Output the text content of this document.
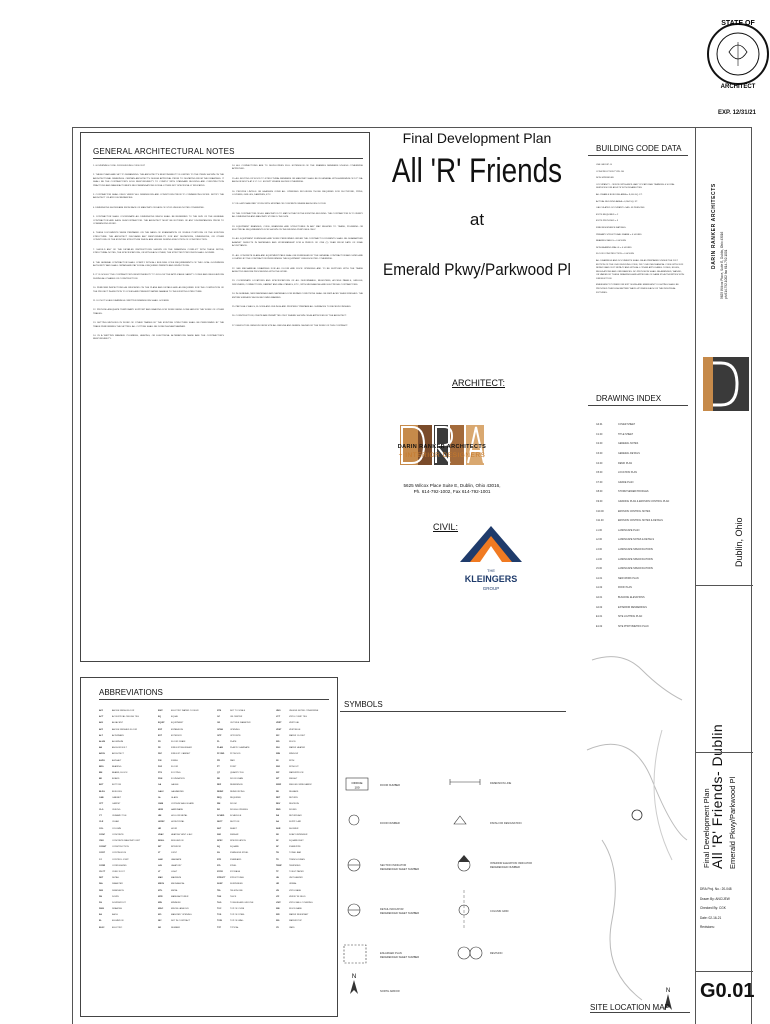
STATE OF
ARCHITECT
EXP. 12/31/21
GENERAL ARCHITECTURAL NOTES

1. GOVERNING CODE: 2019 BUILDING CODE 2017

2. THESE PLANS ARE SET TO DEMANDING. THE ARCHITECT'S RESPONSIBILITY IS LIMITED TO THE ITEMS SHOWN ON THE ARCHITECTURAL DRAWINGS. CERTAIN ARCHITECT'S DESIGN APPROVAL PRIOR TO DEVIATING FROM THE DRAWINGS. IT SHALL BE THE CONTRACTOR'S SOLE RESPONSIBILITY TO COMPLY WITH STANDARD BUILDING AND CONSTRUCTION PRACTICES AND MANUFACTURER'S RECOMMENDATIONS FOR ALL ITEMS NOT SPECIFICALLY INDICATED.

3. CONTRACTOR SHALL FIELD VERIFY ALL DIMENSIONS AND CONDITIONS PRIOR TO COMMENCING WORK. NOTIFY THE ARCHITECT OF ANY DISCREPANCIES.

4. DIMENSIONS SHOWN ARE FROM FACE OF MASONRY OR FACE OF STUD UNLESS NOTED OTHERWISE.

5. CONTRACTOR SHALL COORDINATE ALL DIMENSIONS WHICH SHALL BE REFERRED TO THE SIZE OF THE GENERAL CONTRACTOR AND EACH SUBCONTRACTOR. THE ARCHITECT MUST BE NOTIFIED OF ANY DISCREPANCIES PRIOR TO COMMENCING WORK.

6. THESE DOCUMENTS WERE PREPARED ON THE BASIS OF EXAMINATION OF VISIBLE PORTIONS OF THE EXISTING STRUCTURE. THE ARCHITECT DISCLAIMS ANY RESPONSIBILITY FOR ANY DEVIATIONS, DIMENSIONS, OR OTHER CONDITIONS OF THE EXISTING STRUCTURE WHICH ARE HIDDEN DURING EXECUTION OF CONSTRUCTION.

7. SHOULD ANY OF THE DETAILED INSTRUCTIONS SHOWN ON THE DRAWINGS CONFLICT WITH THESE NOTES, STRUCTURAL NOTES, THE SPECIFICATIONS, OR WITH EACH OTHER, THE STRICTEST PROVISION SHALL GOVERN.

8. THE GENERAL CONTRACTOR SHALL COMPLY WITH ALL BUILDING CODE REQUIREMENTS OF THE LOCAL GOVERNING AUTHORITY AND SHALL OBTAIN AND PAY FOR ALL REQUIRED PERMITS AND INSPECTIONS.

9. IT IS SOLELY THE CONTRACTOR'S RESPONSIBILITY TO FOLLOW THE APPLICABLE SAFETY CODES AND REGULATIONS DURING ALL PHASES OF CONSTRUCTION.

10. PERFORM INSPECTIONS AS INDICATED ON THE PLANS AND DETAILS AND AS REQUIRED FOR THE COMPLETION OF THE PROJECT IN ADDITION TO CODES AND PRESENT WATER DAMAGE TO THE EXISTING STRUCTURE.

11. DO NOT SCALE DRAWINGS. WRITTEN DIMENSIONS SHALL GOVERN.

12. PROVIDE ADEQUATE TEMPORARY SUPPORT AND BRACING FOR WORK BEING DONE AND/OR THE WORK OF OTHER TRADES.

13. SETTING METHODS IN WORK OF OTHER TRADES BY THE EXISTING STRUCTURE SHALL BE PERFORMED BY THE TRADE PERFORMING THE SETTING. ALL CUTTING SHALL BE DONE IN A NEAT MANNER.

14. IN A WRITTEN MANNER: PLUMBING, HEATING, OR ELECTRICAL ALTERATIONS MADE ARE THE CONTRACTOR'S RESPONSIBILITY.

14. ALL CONNECTIONS ARE TO DEVELOPERS FULL EXTENSION OF THE FRAMING MEMBERS UNLESS OTHERWISE APPROVED.

15. ALL BOLTING OF WOOD TO STRUCTURAL MEMBERS OR MASONRY SHALL BE IN GENERAL WITH A MINIMUM OF 1/2" DIA. ANCHOR BOLTS AT 4'-0" O.C. EXCEPT WHERE SHOWN OTHERWISE.

16. PROVIDE LINTELS OR HEADERS OVER ALL OPENINGS INCLUDING THOSE REQUIRED FOR DUCTWORK, PIPES, LOUVERS, GRILLES, DAMPERS, ETC.

17. FILL ANY MASONRY VOIDS WITH MORTAR OR CONCRETE WHERE ANCHORS OCCUR.

18. THE CONTRACTOR OF ALL MASONRY IS TO MATCH THAT IN THE EXISTING BUILDING. THE CONTRACTOR IS TO VERIFY ALL DIMENSIONS AND MASONRY STONE IS THE SIZE.

19. EQUIPMENT BRANDED, CODE, BRANDING AND STRUCTURES IN ANY WAY RELATED TO TRADE, PLUMBING OR ELECTRICAL REQUIREMENTS FOR SHOWN ON THE BIDDING PURPOSES ONLY.

20. ALL EQUIPMENT FURNISHED AND WORK PERFORMED UNDER THE CONTRACT DOCUMENTS SHALL BE GUARANTEED AGAINST DEFECTS IN MATERIALS AND WORKMANSHIP FOR A PERIOD OF ONE (1) YEAR FROM DATE OF FINAL ACCEPTANCE.

21. ALL CONCRETE SLABS AND EQUIPMENT PADS SHALL BE FURNISHED BY THE GENERAL CONTRACTOR AND SIZED AND LOCATED BY THE CONTRACTOR PERFORMING THE EQUIPMENT UNLESS NOTED OTHERWISE.

22. SEE MECHANICAL DRAWINGS FOR ALL FLOOR AND ROOF OPENINGS AND TO BE SUPPLIED WITH THE TRADE AFFECTED BEFORE PROCEEDING WITH THE WORK.

23. COORDINATE LOCATIONS AND SPECIFICATIONS OF ALL DEFORMABLE, REGISTERS, ACCESS PANELS, GRILLES, DIFFUSERS, CONNECTIONS, CABINET AND WALL PANELS, ETC., WITH MECHANICAL AND ELECTRICAL CONTRACTORS.

24. IN GENERAL, NEW MATERIALS AND MATERIALS FOR REPAIR CONDITIONS SHALL BE REPLACED WHEN FINISHED. THE ENTIRE SURFACE WHICH BECOMES MARRED.

25. PATCH ALL WALLS, FLOORS AND CEILINGS AND PROPERLY PREPARE ALL SURFACES TO RECEIVE FINISHES.

26. CONSTRUCTION, ONSITE ARE PERMITTED ONLY WHERE SHOWN OR AS APPROVED BY THE ARCHITECT.

27. DEMOLITION: REMOVE FROM SITE ALL REFUSE AND DEBRIS CAUSED BY THE WORK OF THIS CONTRACT.

Final Development Plan
All 'R' Friends
at
Emerald Pkwy/Parkwood Pl
ARCHITECT:
DARIN RANKER ARCHITECTS
+ INTERIOR DESIGNERS
5625 Wilcox Place Suite E, Dublin, Ohio 43016,
Ph. 614-792-1002, Fax 614-792-1001
CIVIL:
THE
KLEINGERS
GROUP
BUILDING CODE DATA

USE GROUP: B

CONSTRUCTION TYPE: 5B

NON-SPRINKLED

OCCUPANCY - OFFICE WITH ANCILLARY VOCATIONAL TRAINING & SOCIAL SERVICES FOR ADULTS WITH DISABILITIES

ALLOWABLE BUILDING AREA = 9,000 SQ. FT.

ACTUAL BUILDING AREA = 6,964 SQ. FT.

CALCULATED OCCUPANT LOAD: 45 PERSONS

EXITS REQUIRED = 2

EXITS PROVIDED = 3

FIRE RESISTANCE RATINGS:

PRIMARY STRUCTURAL FRAME = 0 HOURS

BEARING WALLS = 0 HOURS

NON-BEARING WALLS = 0 HOURS

FLOOR CONSTRUCTION = 0 HOURS

ALL DRAWINGS AND DOCUMENTS SHALL BE AS PREPARED UNDER THE 2017 EDITION OF THE OHIO BUILDING CODE, 2017 OHIO MECHANICAL CODE WITH 2013 NFPA 13 AND 2017 NFPA 72 AND WITH ALL OTHER APPLICABLE CODES, RULES, REGULATIONS AND ORDINANCES. NO PROVISION SHALL BE AMENDED, WAIVED, OR VARIED BY THESE DRAWINGS AND APPROVAL OF SAME BY AUTHORITIES WITH JURISDICTION.

EMERGENCY POWER FOR EXIT SIGNS AND EMERGENCY LIGHTING SHALL BE PROVIDED THROUGH BATTERY BACK-UP INSIDE EACH OF THE INDIVIDUAL FIXTURES.

DRAWING INDEX
G0.01	COVER SHEET
C1.00	TITLE SHEET
C2.00	GENERAL NOTES
C3.00	GENERAL DETAILS
C4.00	DEMO PLAN
C5.00	LOCATION PLAN
C7.00	GRADE PLAN
C8.00	STORM SEWER PROFILES
C9.00	GRADING PLAN & EROSION CONTROL PLAN
C10.00	EROSION CONTROL NOTES
C11.00	EROSION CONTROL NOTES & DETAILS
L1.00	LANDSCAPE PLAN
L2.00	LANDSCAPE NOTES & DETAILS
L3.00	LANDSCAPE SPECIFICATIONS
L4.00	LANDSCAPE SPECIFICATIONS
L5.00	LANDSCAPE SPECIFICATIONS
A1.01	NEW WORK PLAN
A1.02	ROOF PLAN
A2.01	BUILDING ELEVATIONS
A2.02	EXTERIOR RENDERINGS
E1.01	SITE LIGHTING PLAN
E1.02	SITE PHOTOMETRIC PLAN
DARIN RANKER ARCHITECTS 5625 Wilcox Place, Suite E, Dublin, Ohio 43016 ph 614.792.1002 fax 614.792.1001
Dublin, Ohio
Final Development Plan
All 'R' Friends- Dublin Emerald Pkwy/Parkwood Pl
DRA Proj. No.: 20-048
Drawn By: ANC/JEW
Checked By: CGK
Date: 02-16-21
Revisions:
G0.01
ABBREVIATIONS
AFF	ABOVE FINISH FLOOR
ACT	ACOUSTICAL CEILING TILE
ADJ	ADJACENT
AFF	ABOVE FINISHED FLOOR
ALT	ALTERNATE
ALUM	ALUMINUM
AB	ANCHOR BOLT
ARCH	ARCHITECT
ASPH	ASPHALT
BRG	BEARING
BM	BEAMS, BLOCK
BD	BOARD
BOT	BOTTOM
BLDG	BUILDING
CAB	CABINET
CPT	CARPET
CLG	CEILING
CT	CERAMIC TILE
CLR	CLEAR
COL	COLUMN
CONC	CONCRETE
CMU	CONCRETE MASONRY UNIT
CONST	CONSTRUCTION
CONT	CONTINUOUS
CJ	CONTROL JOINT
CORR	CORRUGATED
CU FT	CUBIC FOOT
DET	DETAIL
DIA	DIAMETER
DIM	DIMENSION
DN	DOWN
DS	DOWNSPOUT
DWG	DRAWING
EA	EACH
EL	ELEVATION
ELEC	ELECTRIC
EWC	ELECTRIC WATER COOLER
EQ	EQUAL
EQUIP	EQUIPMENT
EXP	EXPANSION
EXT	EXTERIOR
FD	FLOOR DRAIN
FE	FIRE EXTINGUISHER
FEC	FIRE EXT. CABINET
FIN	FINISH
FLR	FLOOR
FTG	FOOTING
FDN	FOUNDATION
GA	GAUGE
GALV	GALVANIZED
GL	GLASS
GWB	GYPSUM WALL BOARD
HDW	HARDWARE
HM	HOLLOW METAL
HORIZ	HORIZONTAL
HR	HOUR
HVAC	HEATING VENT. & A/C
INSUL	INSULATION
INT	INTERIOR
JT	JOINT
LAM	LAMINATE
LAV	LAVATORY
LT	LIGHT
MAX	MAXIMUM
MECH	MECHANICAL
MTL	METAL
MFR	MANUFACTURER
MIN	MINIMUM
MISC	MISCELLANEOUS
MO	MASONRY OPENING
NIC	NOT IN CONTRACT
NO	NUMBER
NTS	NOT TO SCALE
OC	ON CENTER
OD	OUTSIDE DIAMETER
OPNG	OPENING
OPP	OPPOSITE
PL	PLATE
PLAM	PLASTIC LAMINATE
PLYWD	PLYWOOD
PR	PAIR
PT	POINT
QT	QUARRY TILE
RD	ROOF DRAIN
REF	REFERENCE
REINF	REINFORCING
REQ	REQUIRED
RM	ROOM
RO	ROUGH OPENING
SCHED	SCHEDULE
SECT	SECTION
SHT	SHEET
SIM	SIMILAR
SPEC	SPECIFICATION
SQ	SQUARE
SS	STAINLESS STEEL
STD	STANDARD
STL	STEEL
STOR	STORAGE
STRUCT	STRUCTURAL
SUSP	SUSPENDED
TEL	TELEPHONE
THK	THICK
T&G	TONGUE AND GROOVE
TOC	TOP OF CURB
TOS	TOP OF STEEL
TOW	TOP OF WALL
TYP	TYPICAL
UNO	UNLESS NOTED OTHERWISE
VCT	VINYL COMP. TILE
VERT	VERTICAL
VEST	VESTIBULE
WC	WATER CLOSET
WD	WOOD
WH	WATER HEATER
WIN	WINDOW
W/	WITH
W/O	WITHOUT
WP	WATERPROOF
WT	WEIGHT
WWF	WELDED WIRE FABRIC
RE	RE-BARS
RET	RETURN
REV	REVISION
RND	ROUND
RA	RETURN AIR
SA	SUPPLY AIR
SHR	SHOWER
SD	SOAP DISPENSER
SF	SQUARE FEET
SP	STANDPIPE
TB	TOWEL BAR
TD	TRENCH DRAIN
TEMP	TEMPERED
TP	TOILET PAPER
UH	UNIT HEATER
UR	URINAL
VB	VINYL BASE
VIF	VERIFY IN FIELD
VWC	VINYL WALL COVERING
WB	WOOD BASE
WR	WATER RESISTANT
WS	WATERSTOP
YD	YARD
SYMBOLS
OFFICE
100
N
ROOM NUMBER
DIMENSION LINE
DOOR NUMBER	FINISH OR DESIGNATION
SECTION INDICATOR
REFERENCED SHEET NUMBER
INTERIOR ELEVATION INDICATOR
REFERENCED NUMBER
DETAIL INDICATOR
REFERENCED SHEET NUMBER
COLUMN GRID
ENLARGED PLAN
REFERENCED SHEET NUMBER
REVISION
NORTH ARROW	N
SITE LOCATION MAP
